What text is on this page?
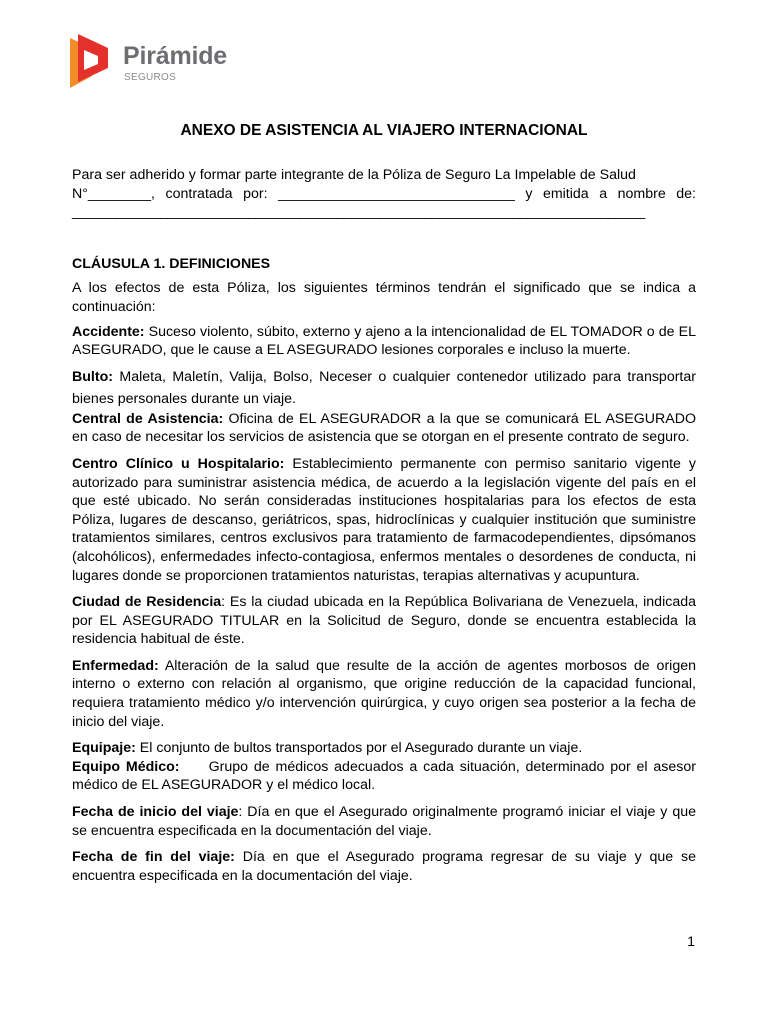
Pirámide
SEGUROS
ANEXO DE ASISTENCIA AL VIAJERO INTERNACIONAL

Para ser adherido y formar parte integrante de la Póliza de Seguro La Impelable de Salud
N°________, contratada por: ______________________________ y emitida a nombre de:
______________________________________________________________________________

CLÁUSULA 1. DEFINICIONES

A los efectos de esta Póliza, los siguientes términos tendrán el significado que se indica a continuación:

Accidente: Suceso violento, súbito, externo y ajeno a la intencionalidad de EL TOMADOR o de EL ASEGURADO, que le cause a EL ASEGURADO lesiones corporales e incluso la muerte.

Bulto: Maleta, Maletín, Valija, Bolso, Neceser o cualquier contenedor utilizado para transportar bienes personales durante un viaje.

Central de Asistencia: Oficina de EL ASEGURADOR a la que se comunicará EL ASEGURADO en caso de necesitar los servicios de asistencia que se otorgan en el presente contrato de seguro.

Centro Clínico u Hospitalario: Establecimiento permanente con permiso sanitario vigente y autorizado para suministrar asistencia médica, de acuerdo a la legislación vigente del país en el que esté ubicado. No serán consideradas instituciones hospitalarias para los efectos de esta Póliza, lugares de descanso, geriátricos, spas, hidroclínicas y cualquier institución que suministre tratamientos similares, centros exclusivos para tratamiento de farmacodependientes, dipsómanos (alcohólicos), enfermedades infecto-contagiosa, enfermos mentales o desordenes de conducta, ni lugares donde se proporcionen tratamientos naturistas, terapias alternativas y acupuntura.

Ciudad de Residencia: Es la ciudad ubicada en la República Bolivariana de Venezuela, indicada por EL ASEGURADO TITULAR en la Solicitud de Seguro, donde se encuentra establecida la residencia habitual de éste.

Enfermedad: Alteración de la salud que resulte de la acción de agentes morbosos de origen interno o externo con relación al organismo, que origine reducción de la capacidad funcional, requiera tratamiento médico y/o intervención quirúrgica, y cuyo origen sea posterior a la fecha de inicio del viaje.

Equipaje: El conjunto de bultos transportados por el Asegurado durante un viaje.

Equipo Médico:     Grupo de médicos adecuados a cada situación, determinado por el asesor médico de EL ASEGURADOR y el médico local.

Fecha de inicio del viaje: Día en que el Asegurado originalmente programó iniciar el viaje y que se encuentra especificada en la documentación del viaje.

Fecha de fin del viaje: Día en que el Asegurado programa regresar de su viaje y que se encuentra especificada en la documentación del viaje.

1
